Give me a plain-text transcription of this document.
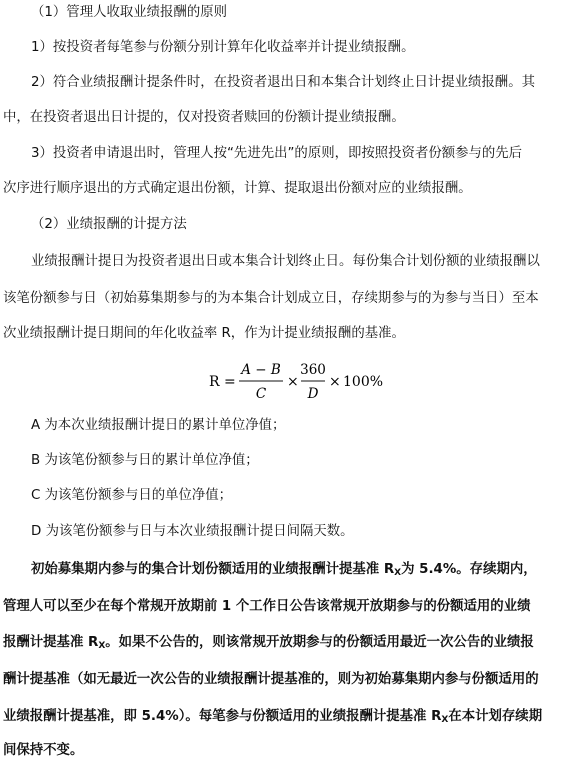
（1）管理人收取业绩报酬的原则
1）按投资者每笔参与份额分别计算年化收益率并计提业绩报酬。
2）符合业绩报酬计提条件时，在投资者退出日和本集合计划终止日计提业绩报酬。其
中，在投资者退出日计提的，仅对投资者赎回的份额计提业绩报酬。
3）投资者申请退出时，管理人按“先进先出”的原则，即按照投资者份额参与的先后
次序进行顺序退出的方式确定退出份额，计算、提取退出份额对应的业绩报酬。
（2）业绩报酬的计提方法
业绩报酬计提日为投资者退出日或本集合计划终止日。每份集合计划份额的业绩报酬以
该笔份额参与日（初始募集期参与的为本集合计划成立日，存续期参与的为参与当日）至本
次业绩报酬计提日期间的年化收益率 R，作为计提业绩报酬的基准。
R =
A − B
C
×
360
D
× 100%
A 为本次业绩报酬计提日的累计单位净值；
B 为该笔份额参与日的累计单位净值；
C 为该笔份额参与日的单位净值；
D 为该笔份额参与日与本次业绩报酬计提日间隔天数。
初始募集期内参与的集合计划份额适用的业绩报酬计提基准 $R_X$为 5.4%。存续期内，
管理人可以至少在每个常规开放期前 1 个工作日公告该常规开放期参与的份额适用的业绩
报酬计提基准 $R_X$。如果不公告的，则该常规开放期参与的份额适用最近一次公告的业绩报
酬计提基准（如无最近一次公告的业绩报酬计提基准的，则为初始募集期内参与份额适用的
业绩报酬计提基准，即 5.4%）。每笔参与份额适用的业绩报酬计提基准 $R_X$在本计划存续期
间保持不变。
